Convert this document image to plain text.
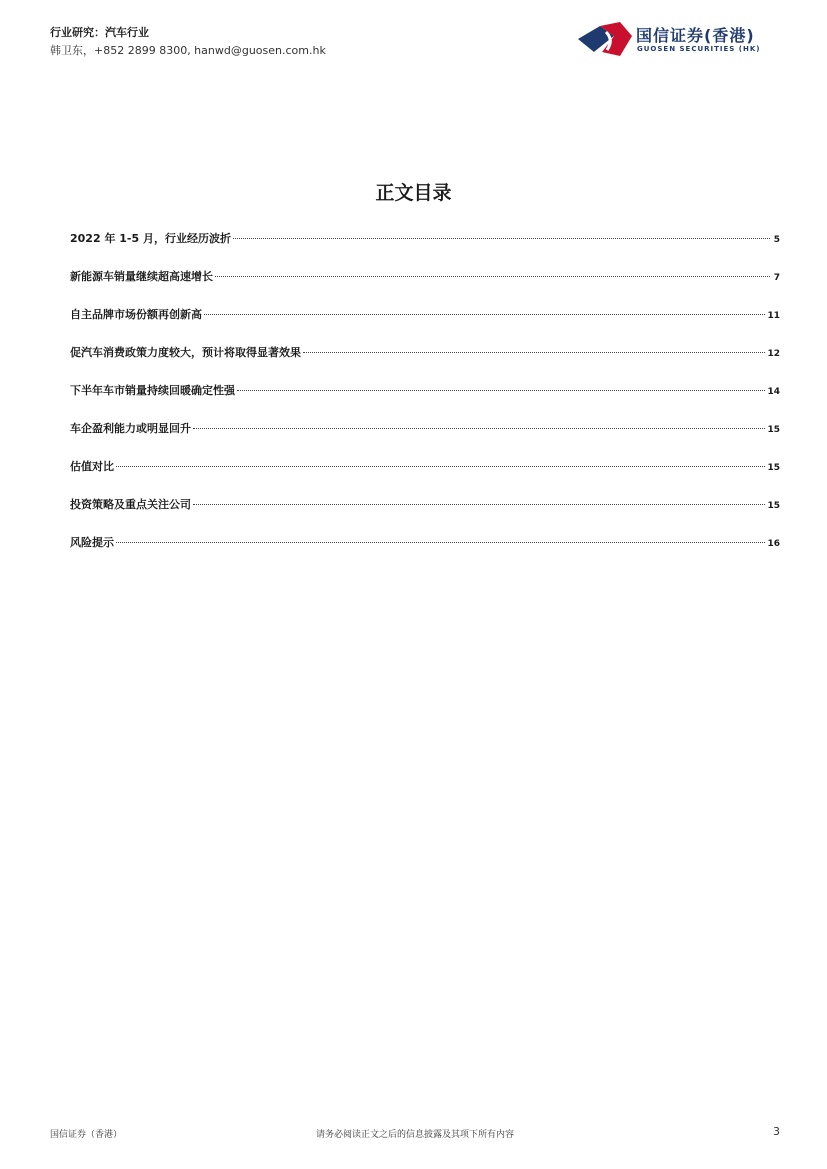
行业研究：汽车行业
韩卫东，+852 2899 8300, hanwd@guosen.com.hk
国信证券(香港)
GUOSEN SECURITIES (HK)
正文目录
2022 年 1-5 月，行业经历波折	5
新能源车销量继续超高速增长	7
自主品牌市场份额再创新高	11
促汽车消费政策力度较大，预计将取得显著效果	12
下半年车市销量持续回暖确定性强	14
车企盈利能力或明显回升	15
估值对比	15
投资策略及重点关注公司	15
风险提示	16
国信证券（香港）	请务必阅读正文之后的信息披露及其项下所有内容	3
